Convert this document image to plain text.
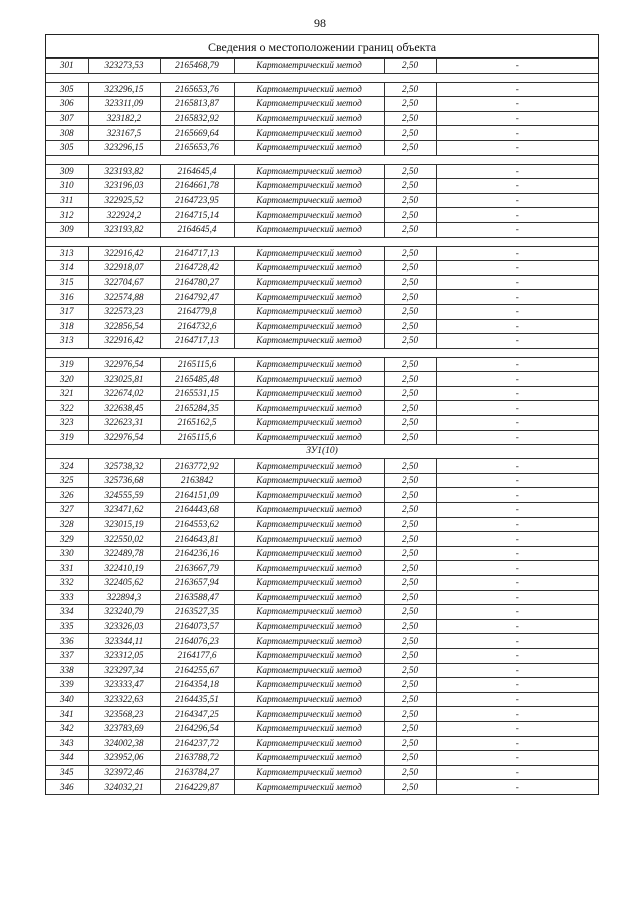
98
Сведения о местоположении границ объекта
301	323273,53	2165468,79	Картометрический метод	2,50	-

305	323296,15	2165653,76	Картометрический метод	2,50	-
306	323311,09	2165813,87	Картометрический метод	2,50	-
307	323182,2	2165832,92	Картометрический метод	2,50	-
308	323167,5	2165669,64	Картометрический метод	2,50	-
305	323296,15	2165653,76	Картометрический метод	2,50	-

309	323193,82	2164645,4	Картометрический метод	2,50	-
310	323196,03	2164661,78	Картометрический метод	2,50	-
311	322925,52	2164723,95	Картометрический метод	2,50	-
312	322924,2	2164715,14	Картометрический метод	2,50	-
309	323193,82	2164645,4	Картометрический метод	2,50	-

313	322916,42	2164717,13	Картометрический метод	2,50	-
314	322918,07	2164728,42	Картометрический метод	2,50	-
315	322704,67	2164780,27	Картометрический метод	2,50	-
316	322574,88	2164792,47	Картометрический метод	2,50	-
317	322573,23	2164779,8	Картометрический метод	2,50	-
318	322856,54	2164732,6	Картометрический метод	2,50	-
313	322916,42	2164717,13	Картометрический метод	2,50	-

319	322976,54	2165115,6	Картометрический метод	2,50	-
320	323025,81	2165485,48	Картометрический метод	2,50	-
321	322674,02	2165531,15	Картометрический метод	2,50	-
322	322638,45	2165284,35	Картометрический метод	2,50	-
323	322623,31	2165162,5	Картометрический метод	2,50	-
319	322976,54	2165115,6	Картометрический метод	2,50	-
ЗУ1(10)					
324	325738,32	2163772,92	Картометрический метод	2,50	-
325	325736,68	2163842	Картометрический метод	2,50	-
326	324555,59	2164151,09	Картометрический метод	2,50	-
327	323471,62	2164443,68	Картометрический метод	2,50	-
328	323015,19	2164553,62	Картометрический метод	2,50	-
329	322550,02	2164643,81	Картометрический метод	2,50	-
330	322489,78	2164236,16	Картометрический метод	2,50	-
331	322410,19	2163667,79	Картометрический метод	2,50	-
332	322405,62	2163657,94	Картометрический метод	2,50	-
333	322894,3	2163588,47	Картометрический метод	2,50	-
334	323240,79	2163527,35	Картометрический метод	2,50	-
335	323326,03	2164073,57	Картометрический метод	2,50	-
336	323344,11	2164076,23	Картометрический метод	2,50	-
337	323312,05	2164177,6	Картометрический метод	2,50	-
338	323297,34	2164255,67	Картометрический метод	2,50	-
339	323333,47	2164354,18	Картометрический метод	2,50	-
340	323322,63	2164435,51	Картометрический метод	2,50	-
341	323568,23	2164347,25	Картометрический метод	2,50	-
342	323783,69	2164296,54	Картометрический метод	2,50	-
343	324002,38	2164237,72	Картометрический метод	2,50	-
344	323952,06	2163788,72	Картометрический метод	2,50	-
345	323972,46	2163784,27	Картометрический метод	2,50	-
346	324032,21	2164229,87	Картометрический метод	2,50	-
